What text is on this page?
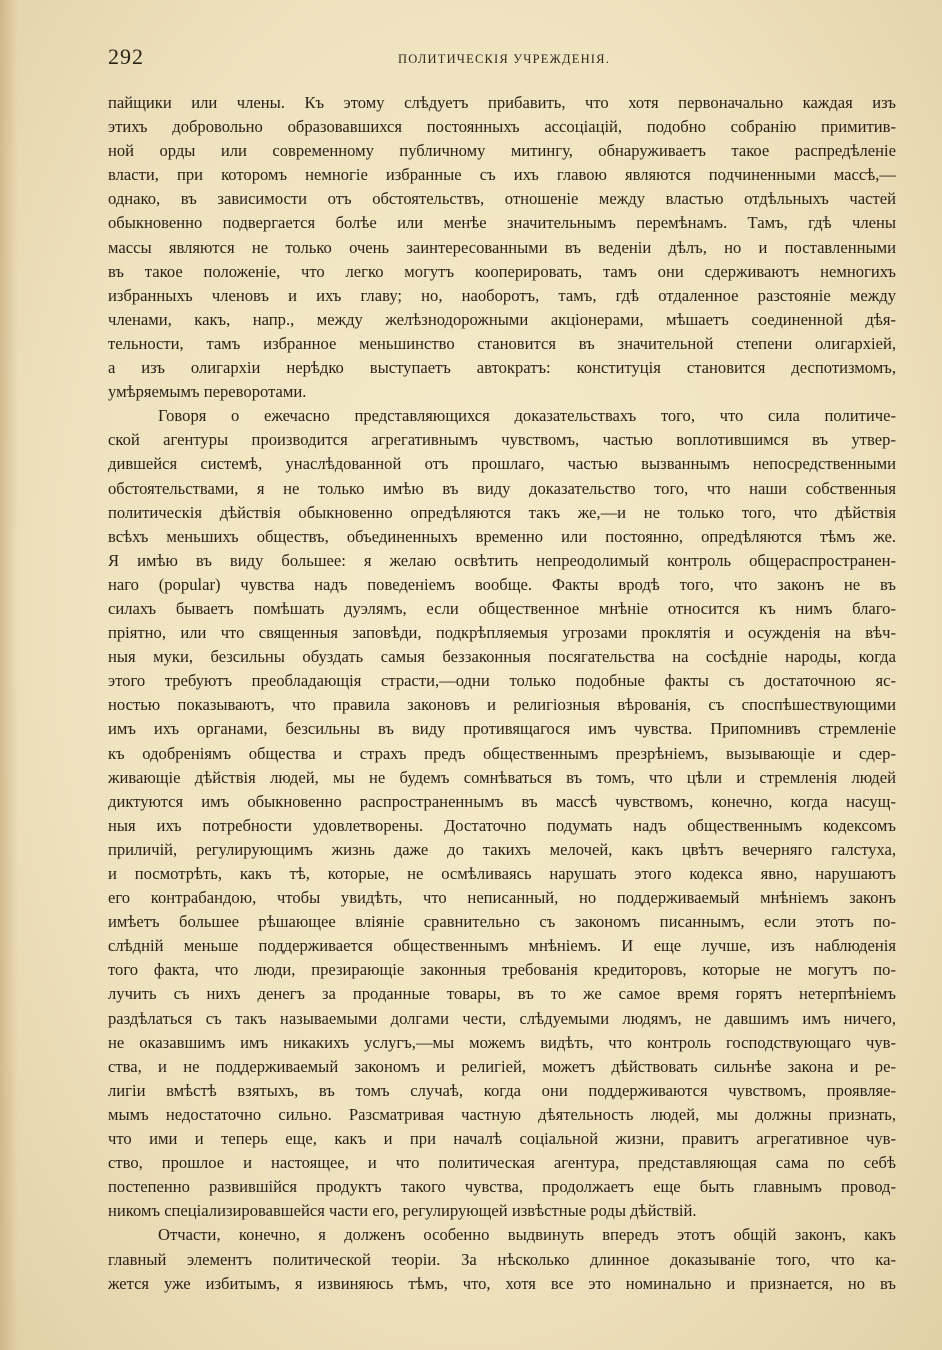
292	ПОЛИТИЧЕСКІЯ УЧРЕЖДЕНІЯ.
пайщики или члены. Къ этому слѣдуетъ прибавить, что хотя первоначально каждая изъ
этихъ добровольно образовавшихся постоянныхъ ассоціацій, подобно собранію примитив-
ной орды или современному публичному митингу, обнаруживаетъ такое распредѣленіе
власти, при которомъ немногіе избранные съ ихъ главою являются подчиненными массѣ,—
однако, въ зависимости отъ обстоятельствъ, отношеніе между властью отдѣльныхъ частей
обыкновенно подвергается болѣе или менѣе значительнымъ перемѣнамъ. Тамъ, гдѣ члены
массы являются не только очень заинтересованными въ веденіи дѣлъ, но и поставленными
въ такое положеніе, что легко могутъ кооперировать, тамъ они сдерживаютъ немногихъ
избранныхъ членовъ и ихъ главу; но, наоборотъ, тамъ, гдѣ отдаленное разстояніе между
членами, какъ, напр., между желѣзнодорожными акціонерами, мѣшаетъ соединенной дѣя-
тельности, тамъ избранное меньшинство становится въ значительной степени олигархіей,
а изъ олигархіи нерѣдко выступаетъ автократъ: конституція становится деспотизмомъ,
умѣряемымъ переворотами.
Говоря о ежечасно представляющихся доказательствахъ того, что сила политиче-
ской агентуры производится агрегативнымъ чувствомъ, частью воплотившимся въ утвер-
дившейся системѣ, унаслѣдованной отъ прошлаго, частью вызваннымъ непосредственными
обстоятельствами, я не только имѣю въ виду доказательство того, что наши собственныя
политическія дѣйствія обыкновенно опредѣляются такъ же,—и не только того, что дѣйствія
всѣхъ меньшихъ обществъ, объединенныхъ временно или постоянно, опредѣляются тѣмъ же.
Я имѣю въ виду большее: я желаю освѣтить непреодолимый контроль общераспространен-
наго (popular) чувства надъ поведеніемъ вообще. Факты вродѣ того, что законъ не въ
силахъ бываетъ помѣшать дуэлямъ, если общественное мнѣніе относится къ нимъ благо-
пріятно, или что священныя заповѣди, подкрѣпляемыя угрозами проклятія и осужденія на вѣч-
ныя муки, безсильны обуздать самыя беззаконныя посягательства на сосѣдніе народы, когда
этого требуютъ преобладающія страсти,—одни только подобные факты съ достаточною яс-
ностью показываютъ, что правила законовъ и религіозныя вѣрованія, съ споспѣшествующими
имъ ихъ органами, безсильны въ виду противящагося имъ чувства. Припомнивъ стремленіе
къ одобреніямъ общества и страхъ предъ общественнымъ презрѣніемъ, вызывающіе и сдер-
живающіе дѣйствія людей, мы не будемъ сомнѣваться въ томъ, что цѣли и стремленія людей
диктуются имъ обыкновенно распространеннымъ въ массѣ чувствомъ, конечно, когда насущ-
ныя ихъ потребности удовлетворены. Достаточно подумать надъ общественнымъ кодексомъ
приличій, регулирующимъ жизнь даже до такихъ мелочей, какъ цвѣтъ вечерняго галстуха,
и посмотрѣть, какъ тѣ, которые, не осмѣливаясь нарушать этого кодекса явно, нарушаютъ
его контрабандою, чтобы увидѣть, что неписанный, но поддерживаемый мнѣніемъ законъ
имѣетъ большее рѣшающее вліяніе сравнительно съ закономъ писаннымъ, если этотъ по-
слѣдній меньше поддерживается общественнымъ мнѣніемъ. И еще лучше, изъ наблюденія
того факта, что люди, презирающіе законныя требованія кредиторовъ, которые не могутъ по-
лучить съ нихъ денегъ за проданные товары, въ то же самое время горятъ нетерпѣніемъ
раздѣлаться съ такъ называемыми долгами чести, слѣдуемыми людямъ, не давшимъ имъ ничего,
не оказавшимъ имъ никакихъ услугъ,—мы можемъ видѣть, что контроль господствующаго чув-
ства, и не поддерживаемый закономъ и религіей, можетъ дѣйствовать сильнѣе закона и ре-
лигіи вмѣстѣ взятыхъ, въ томъ случаѣ, когда они поддерживаются чувствомъ, проявляе-
мымъ недостаточно сильно. Разсматривая частную дѣятельность людей, мы должны признать,
что ими и теперь еще, какъ и при началѣ соціальной жизни, правитъ агрегативное чув-
ство, прошлое и настоящее, и что политическая агентура, представляющая сама по себѣ
постепенно развившійся продуктъ такого чувства, продолжаетъ еще быть главнымъ провод-
никомъ спеціализировавшейся части его, регулирующей извѣстные роды дѣйствій.
Отчасти, конечно, я долженъ особенно выдвинуть впередъ этотъ общій законъ, какъ
главный элементъ политической теоріи. За нѣсколько длинное доказываніе того, что ка-
жется уже избитымъ, я извиняюсь тѣмъ, что, хотя все это номинально и признается, но въ
